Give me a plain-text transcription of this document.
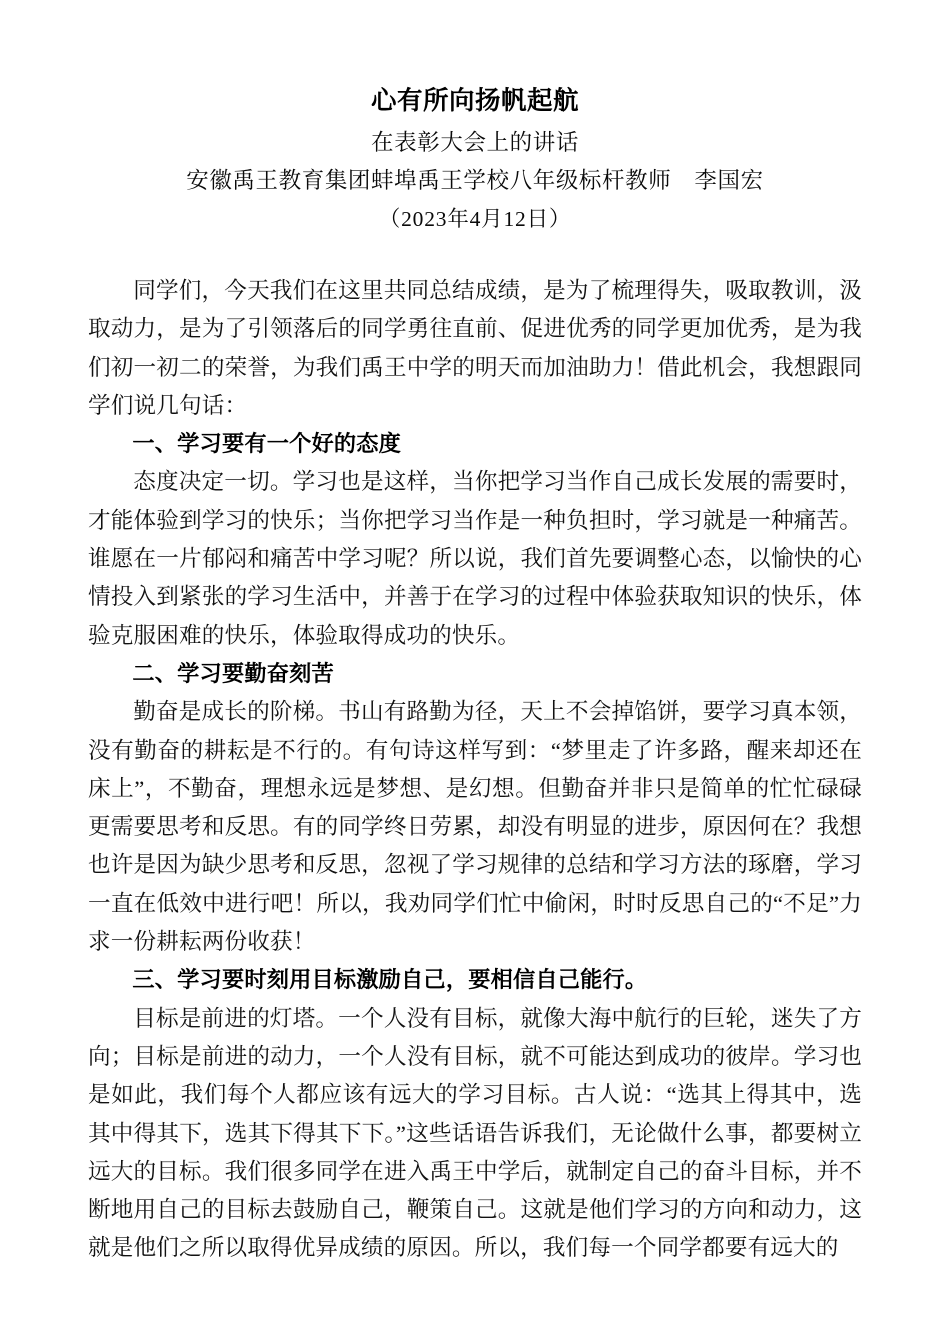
心有所向扬帆起航
在表彰大会上的讲话
安徽禹王教育集团蚌埠禹王学校八年级标杆教师　李国宏
（2023年4月12日）

同学们，今天我们在这里共同总结成绩，是为了梳理得失，吸取教训，汲取动力，是为了引领落后的同学勇往直前、促进优秀的同学更加优秀，是为我们初一初二的荣誉，为我们禹王中学的明天而加油助力！借此机会，我想跟同学们说几句话：

一、学习要有一个好的态度

态度决定一切。学习也是这样，当你把学习当作自己成长发展的需要时，才能体验到学习的快乐；当你把学习当作是一种负担时，学习就是一种痛苦。谁愿在一片郁闷和痛苦中学习呢？所以说，我们首先要调整心态，以愉快的心情投入到紧张的学习生活中，并善于在学习的过程中体验获取知识的快乐，体验克服困难的快乐，体验取得成功的快乐。

二、学习要勤奋刻苦

勤奋是成长的阶梯。书山有路勤为径，天上不会掉馅饼，要学习真本领，没有勤奋的耕耘是不行的。有句诗这样写到：“梦里走了许多路，醒来却还在床上”，不勤奋，理想永远是梦想、是幻想。但勤奋并非只是简单的忙忙碌碌更需要思考和反思。有的同学终日劳累，却没有明显的进步，原因何在？我想也许是因为缺少思考和反思，忽视了学习规律的总结和学习方法的琢磨，学习一直在低效中进行吧！所以，我劝同学们忙中偷闲，时时反思自己的“不足”力求一份耕耘两份收获！

三、学习要时刻用目标激励自己，要相信自己能行。

目标是前进的灯塔。一个人没有目标，就像大海中航行的巨轮，迷失了方向；目标是前进的动力，一个人没有目标，就不可能达到成功的彼岸。学习也是如此，我们每个人都应该有远大的学习目标。古人说：“选其上得其中，选其中得其下，选其下得其下下。”这些话语告诉我们，无论做什么事，都要树立远大的目标。我们很多同学在进入禹王中学后，就制定自己的奋斗目标，并不断地用自己的目标去鼓励自己，鞭策自己。这就是他们学习的方向和动力，这就是他们之所以取得优异成绩的原因。所以，我们每一个同学都要有远大的
